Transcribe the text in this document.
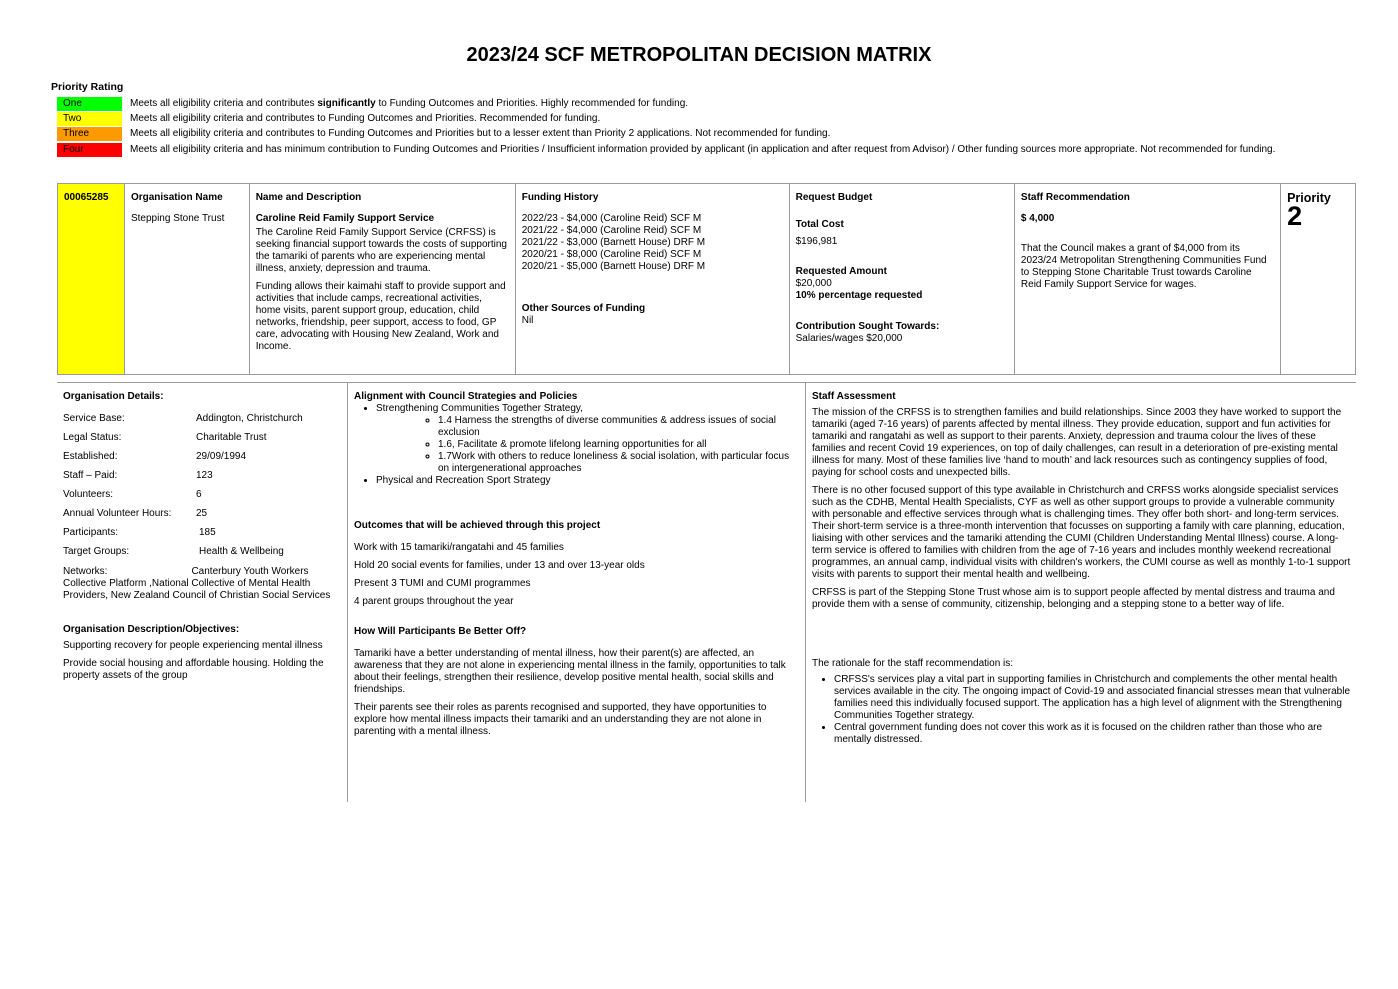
2023/24 SCF METROPOLITAN DECISION MATRIX
Priority Rating
One	Meets all eligibility criteria and contributes significantly to Funding Outcomes and Priorities. Highly recommended for funding.
Two	Meets all eligibility criteria and contributes to Funding Outcomes and Priorities. Recommended for funding.
Three	Meets all eligibility criteria and contributes to Funding Outcomes and Priorities but to a lesser extent than Priority 2 applications. Not recommended for funding.
Four	Meets all eligibility criteria and has minimum contribution to Funding Outcomes and Priorities / Insufficient information provided by applicant (in application and after request from Advisor) / Other funding sources more appropriate. Not recommended for funding.
00065285	Organisation Name
Stepping Stone Trust

Name and Description
Caroline Reid Family Support Service
The Caroline Reid Family Support Service (CRFSS) is seeking financial support towards the costs of supporting the tamariki of parents who are experiencing mental illness, anxiety, depression and trauma.
Funding allows their kaimahi staff to provide support and activities that include camps, recreational activities, home visits, parent support group, education, child networks, friendship, peer support, access to food, GP care, advocating with Housing New Zealand, Work and Income.

Funding History
2022/23 - $4,000 (Caroline Reid) SCF M
2021/22 - $4,000 (Caroline Reid) SCF M
2021/22 - $3,000 (Barnett House) DRF M
2020/21 - $8,000 (Caroline Reid) SCF M
2020/21 - $5,000 (Barnett House) DRF M
Other Sources of Funding
Nil

Request Budget
Total Cost
$196,981
Requested Amount
$20,000
10% percentage requested
Contribution Sought Towards:
Salaries/wages $20,000

Staff Recommendation
$ 4,000
That the Council makes a grant of $4,000 from its 2023/24 Metropolitan Strengthening Communities Fund to Stepping Stone Charitable Trust towards Caroline Reid Family Support Service for wages.

Priority
2
Organisation Details:
Service Base:	Addington, Christchurch
Legal Status:	Charitable Trust
Established:	29/09/1994
Staff – Paid:	123
Volunteers:	6
Annual Volunteer Hours: 25
Participants:	185
Target Groups:	Health & Wellbeing
Networks:	Canterbury Youth Workers Collective Platform ,National Collective of Mental Health Providers, New Zealand Council of Christian Social Services
Organisation Description/Objectives:
Supporting recovery for people experiencing mental illness
Provide social housing and affordable housing. Holding the property assets of the group
Alignment with Council Strategies and Policies
• Strengthening Communities Together Strategy,
◦ 1.4 Harness the strengths of diverse communities & address issues of social exclusion
◦ 1.6, Facilitate & promote lifelong learning opportunities for all
◦ 1.7Work with others to reduce loneliness & social isolation, with particular focus on intergenerational approaches
• Physical and Recreation Sport Strategy
Outcomes that will be achieved through this project
Work with 15 tamariki/rangatahi and 45 families
Hold 20 social events for families, under 13 and over 13-year olds
Present 3 TUMI and CUMI programmes
4 parent groups throughout the year
How Will Participants Be Better Off?
Tamariki have a better understanding of mental illness, how their parent(s) are affected, an awareness that they are not alone in experiencing mental illness in the family, opportunities to talk about their feelings, strengthen their resilience, develop positive mental health, social skills and friendships.
Their parents see their roles as parents recognised and supported, they have opportunities to explore how mental illness impacts their tamariki and an understanding they are not alone in parenting with a mental illness.
Staff Assessment
The mission of the CRFSS is to strengthen families and build relationships. Since 2003 they have worked to support the tamariki (aged 7-16 years) of parents affected by mental illness. They provide education, support and fun activities for tamariki and rangatahi as well as support to their parents. Anxiety, depression and trauma colour the lives of these families and recent Covid 19 experiences, on top of daily challenges, can result in a deterioration of pre-existing mental illness for many. Most of these families live ‘hand to mouth’ and lack resources such as contingency supplies of food, paying for school costs and unexpected bills.
There is no other focused support of this type available in Christchurch and CRFSS works alongside specialist services such as the CDHB, Mental Health Specialists, CYF as well as other support groups to provide a vulnerable community with personable and effective services through what is challenging times. They offer both short- and long-term services. Their short-term service is a three-month intervention that focusses on supporting a family with care planning, education, liaising with other services and the tamariki attending the CUMI (Children Understanding Mental Illness) course. A long-term service is offered to families with children from the age of 7-16 years and includes monthly weekend recreational programmes, an annual camp, individual visits with children's workers, the CUMI course as well as monthly 1-to-1 support visits with parents to support their mental health and wellbeing.
CRFSS is part of the Stepping Stone Trust whose aim is to support people affected by mental distress and trauma and provide them with a sense of community, citizenship, belonging and a stepping stone to a better way of life.
The rationale for the staff recommendation is:
• CRFSS's services play a vital part in supporting families in Christchurch and complements the other mental health services available in the city. The ongoing impact of Covid-19 and associated financial stresses mean that vulnerable families need this individually focused support. The application has a high level of alignment with the Strengthening Communities Together strategy.
• Central government funding does not cover this work as it is focused on the children rather than those who are mentally distressed.
